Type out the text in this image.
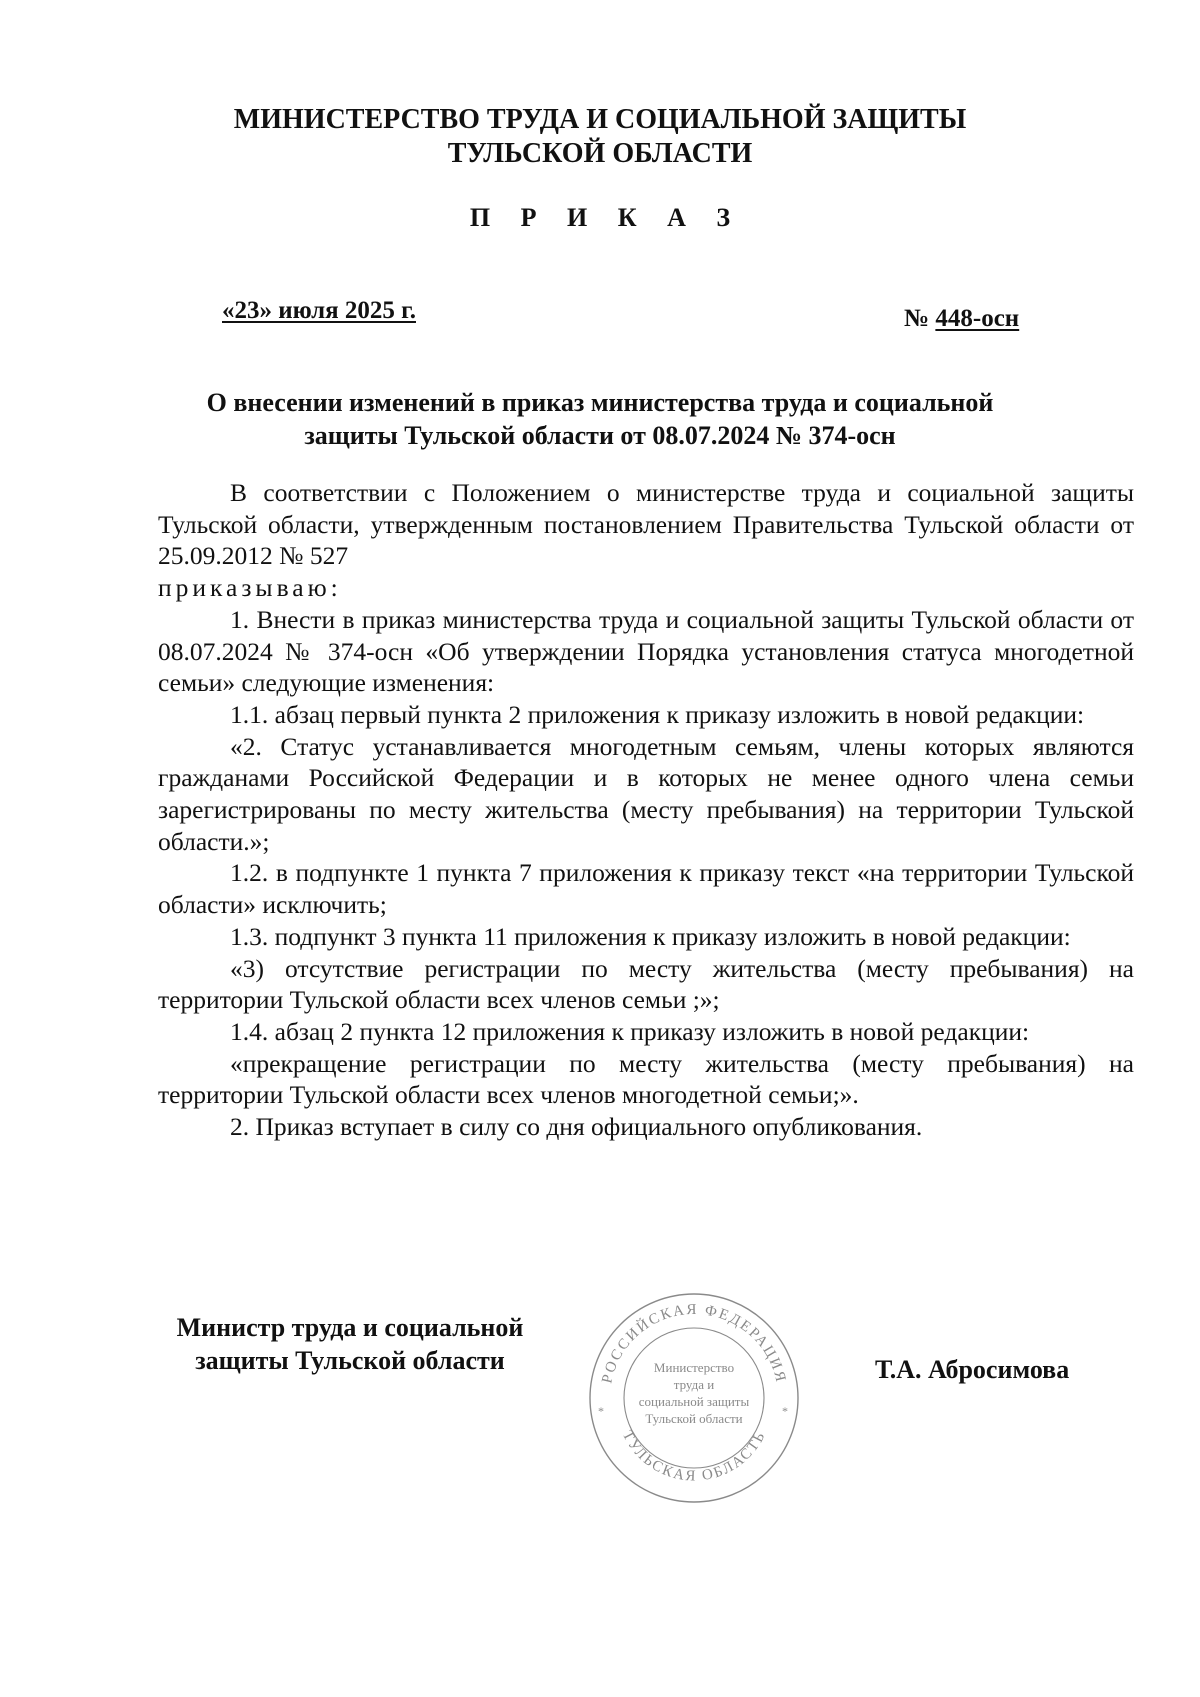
МИНИСТЕРСТВО ТРУДА И СОЦИАЛЬНОЙ ЗАЩИТЫ
ТУЛЬСКОЙ ОБЛАСТИ
П Р И К А З
«23» июля 2025 г.	№ 448-осн
О внесении изменений в приказ министерства труда и социальной
защиты Тульской области от 08.07.2024 № 374-осн

В соответствии с Положением о министерстве труда и социальной защиты Тульской области, утвержденным постановлением Правительства Тульской области от 25.09.2012 № 527

приказываю:

1. Внести в приказ министерства труда и социальной защиты Тульской области от 08.07.2024 № 374-осн «Об утверждении Порядка установления статуса многодетной семьи» следующие изменения:

1.1. абзац первый пункта 2 приложения к приказу изложить в новой редакции:

«2. Статус устанавливается многодетным семьям, члены которых являются гражданами Российской Федерации и в которых не менее одного члена семьи зарегистрированы по месту жительства (месту пребывания) на территории Тульской области.»;

1.2. в подпункте 1 пункта 7 приложения к приказу текст «на территории Тульской области» исключить;

1.3. подпункт 3 пункта 11 приложения к приказу изложить в новой редакции:

«3) отсутствие регистрации по месту жительства (месту пребывания) на территории Тульской области всех членов семьи ;»;

1.4. абзац 2 пункта 12 приложения к приказу изложить в новой редакции:

«прекращение регистрации по месту жительства (месту пребывания) на территории Тульской области всех членов многодетной семьи;».

2. Приказ вступает в силу со дня официального опубликования.

Министр труда и социальной
защиты Тульской области
РОССИЙСКАЯ ФЕДЕРАЦИЯ
ТУЛЬСКАЯ ОБЛАСТЬ
*	*
Министерство
труда и
социальной защиты
Тульской области
Т.А. Абросимова
